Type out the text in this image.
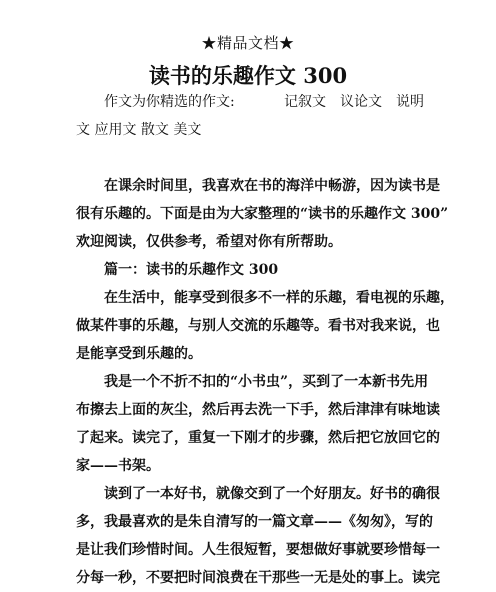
★精品文档★
读书的乐趣作文 300
作文为你精选的作文:	记叙文 议论文 说明
文 应用文 散文 美文
在课余时间里，我喜欢在书的海洋中畅游，因为读书是
很有乐趣的。下面是由为大家整理的“读书的乐趣作文 300”
欢迎阅读，仅供参考，希望对你有所帮助。
篇一：读书的乐趣作文 300
在生活中，能享受到很多不一样的乐趣，看电视的乐趣，
做某件事的乐趣，与别人交流的乐趣等。看书对我来说，也
是能享受到乐趣的。
我是一个不折不扣的“小书虫”，买到了一本新书先用
布擦去上面的灰尘，然后再去洗一下手，然后津津有味地读
了起来。读完了，重复一下刚才的步骤，然后把它放回它的
家——书架。
读到了一本好书，就像交到了一个好朋友。好书的确很
多，我最喜欢的是朱自清写的一篇文章——《匆匆》，写的
是让我们珍惜时间。人生很短暂，要想做好事就要珍惜每一
分每一秒，不要把时间浪费在干那些一无是处的事上。读完
